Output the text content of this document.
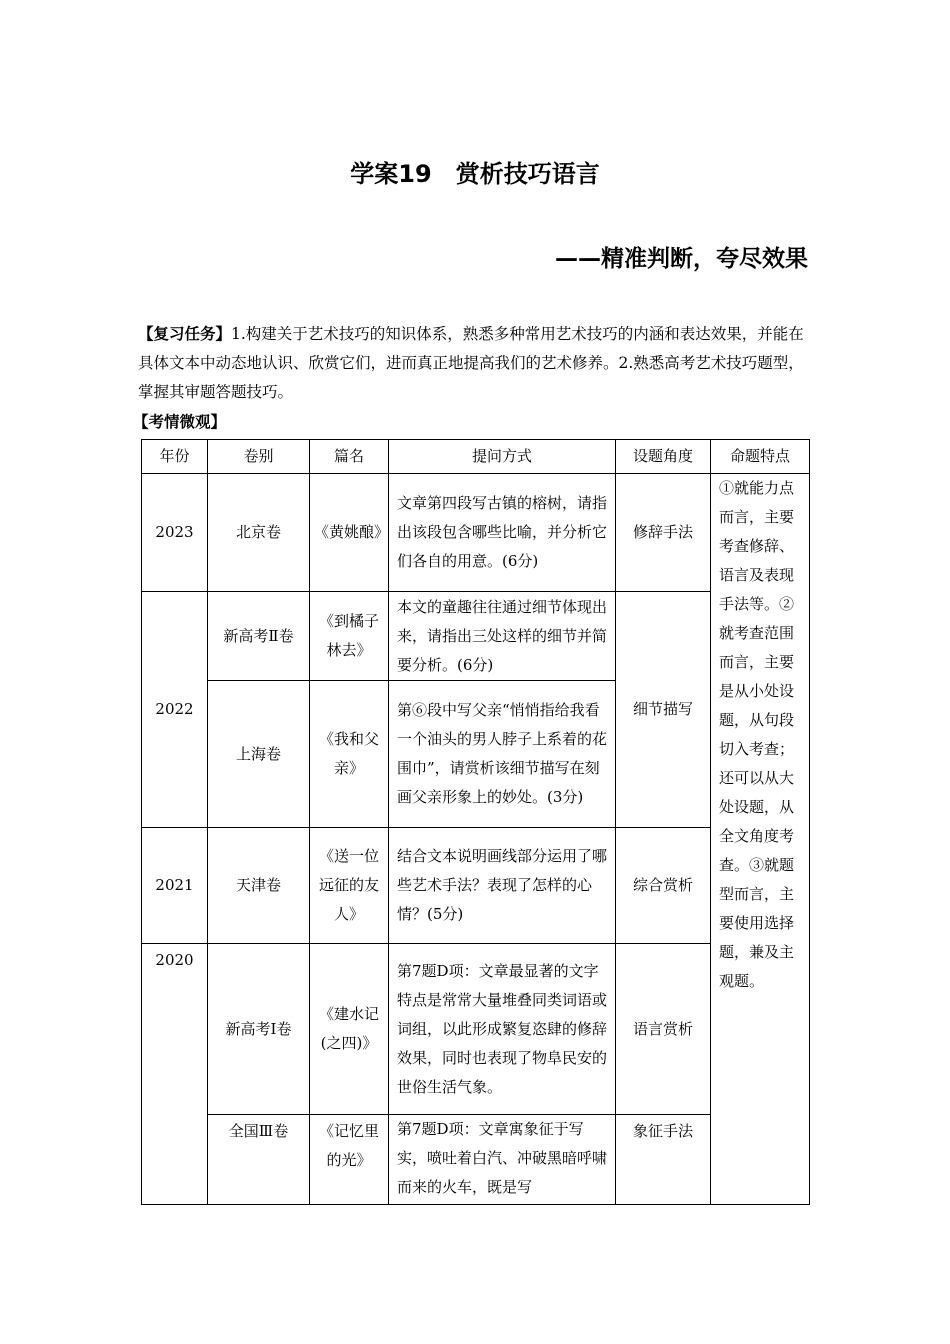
学案19　赏析技巧语言
——精准判断，夸尽效果
【复习任务】1.构建关于艺术技巧的知识体系，熟悉多种常用艺术技巧的内涵和表达效果，并能在具体文本中动态地认识、欣赏它们，进而真正地提高我们的艺术修养。2.熟悉高考艺术技巧题型，掌握其审题答题技巧。
【考情微观】
年份	卷别	篇名	提问方式	设题角度	命题特点
2023	北京卷	《黄姚酿》	文章第四段写古镇的榕树，请指出该段包含哪些比喻，并分析它们各自的用意。(6分)	修辞手法	①就能力点而言，主要考查修辞、语言及表现手法等。②就考查范围而言，主要是从小处设题，从句段切入考查；还可以从大处设题，从全文角度考查。③就题型而言，主要使用选择题，兼及主观题。
2022	新高考Ⅱ卷	《到橘子林去》	本文的童趣往往通过细节体现出来，请指出三处这样的细节并简要分析。(6分)	细节描写	
	上海卷	《我和父亲》	第⑥段中写父亲“悄悄指给我看一个油头的男人脖子上系着的花围巾”，请赏析该细节描写在刻画父亲形象上的妙处。(3分)		
2021	天津卷	《送一位远征的友人》	结合文本说明画线部分运用了哪些艺术手法？表现了怎样的心情？(5分)	综合赏析	
2020	新高考Ⅰ卷	《建水记(之四)》	第7题D项：文章最显著的文字特点是常常大量堆叠同类词语或词组，以此形成繁复恣肆的修辞效果，同时也表现了物阜民安的世俗生活气象。	语言赏析	
	全国Ⅲ卷	《记忆里的光》	第7题D项：文章寓象征于写实，喷吐着白汽、冲破黑暗呼啸而来的火车，既是写	象征手法	
